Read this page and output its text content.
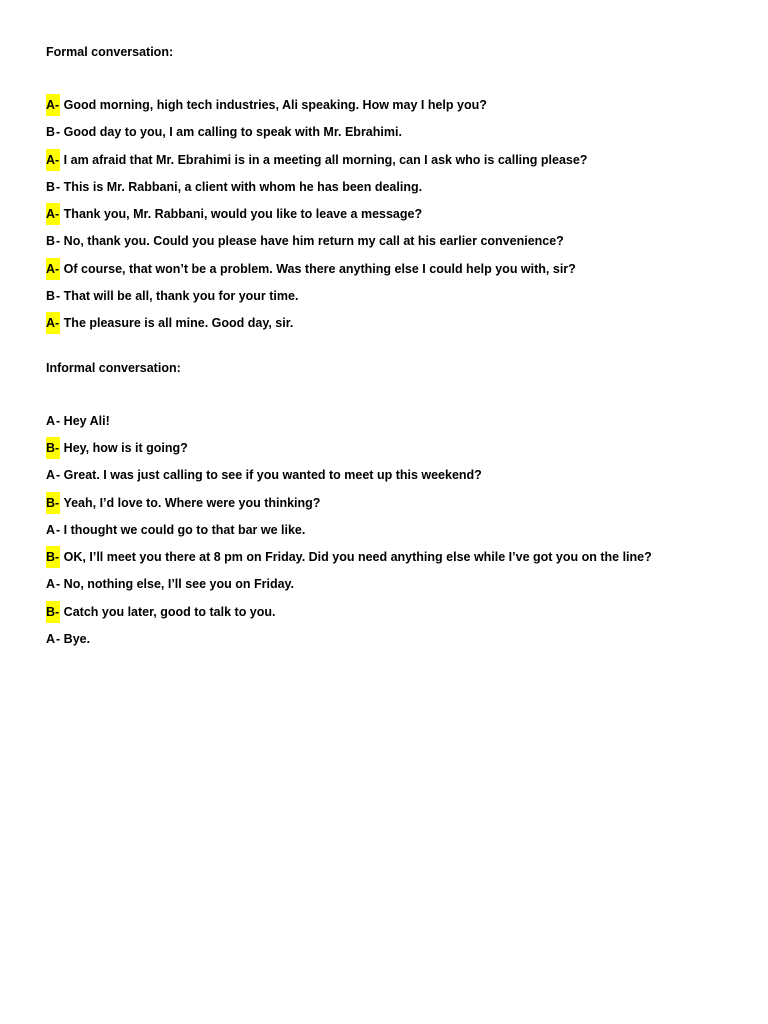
Formal conversation:
A- Good morning, high tech industries, Ali speaking. How may I help you?
B- Good day to you, I am calling to speak with Mr. Ebrahimi.
A- I am afraid that Mr. Ebrahimi is in a meeting all morning, can I ask who is calling please?
B- This is Mr. Rabbani, a client with whom he has been dealing.
A- Thank you, Mr. Rabbani, would you like to leave a message?
B- No, thank you. Could you please have him return my call at his earlier convenience?
A- Of course, that won’t be a problem. Was there anything else I could help you with, sir?
B- That will be all, thank you for your time.
A- The pleasure is all mine. Good day, sir.
Informal conversation:
A- Hey Ali!
B- Hey, how is it going?
A- Great. I was just calling to see if you wanted to meet up this weekend?
B- Yeah, I’d love to. Where were you thinking?
A- I thought we could go to that bar we like.
B- OK, I’ll meet you there at 8 pm on Friday. Did you need anything else while I’ve got you on the line?
A- No, nothing else, I’ll see you on Friday.
B- Catch you later, good to talk to you.
A- Bye.
